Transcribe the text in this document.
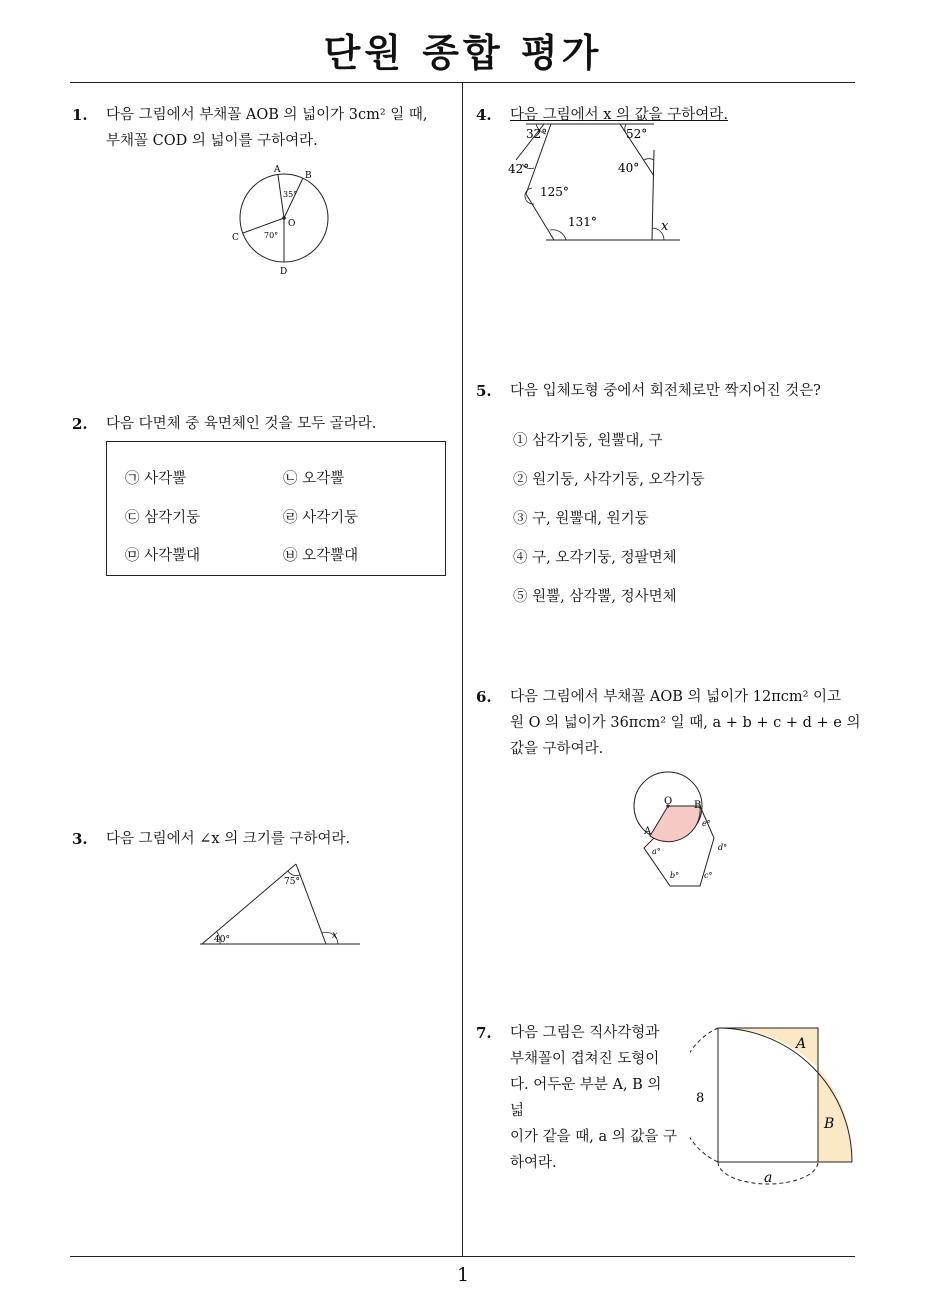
단원 종합 평가
1
1. 다음 그림에서 부채꼴 AOB 의 넓이가 3cm² 일 때,
부채꼴 COD 의 넓이를 구하여라.
A
B
C
D
O
35°
70°
2. 다음 다면체 중 육면체인 것을 모두 골라라.
㉠ 사각뿔	㉡ 오각뿔
㉢ 삼각기둥	㉣ 사각기둥
㉤ 사각뿔대	㉥ 오각뿔대
3. 다음 그림에서 ∠x 의 크기를 구하여라.
75°
40°	x
4. 다음 그림에서 x 의 값을 구하여라.
32°	52°
42°	40°
125°
131°	x
5. 다음 입체도형 중에서 회전체로만 짝지어진 것은?
① 삼각기둥, 원뿔대, 구
② 원기둥, 사각기둥, 오각기둥
③ 구, 원뿔대, 원기둥
④ 구, 오각기둥, 정팔면체
⑤ 원뿔, 삼각뿔, 정사면체
6. 다음 그림에서 부채꼴 AOB 의 넓이가 12πcm² 이고
원 O 의 넓이가 36πcm² 일 때, a + b + c + d + e 의
값을 구하여라.
O B
A
a°
b°	c°
d°
e°
7. 다음 그림은 직사각형과
부채꼴이 겹쳐진 도형이
다. 어두운 부분 A, B 의 넓
이가 같을 때, a 의 값을 구
하여라.
A
B
8
a
